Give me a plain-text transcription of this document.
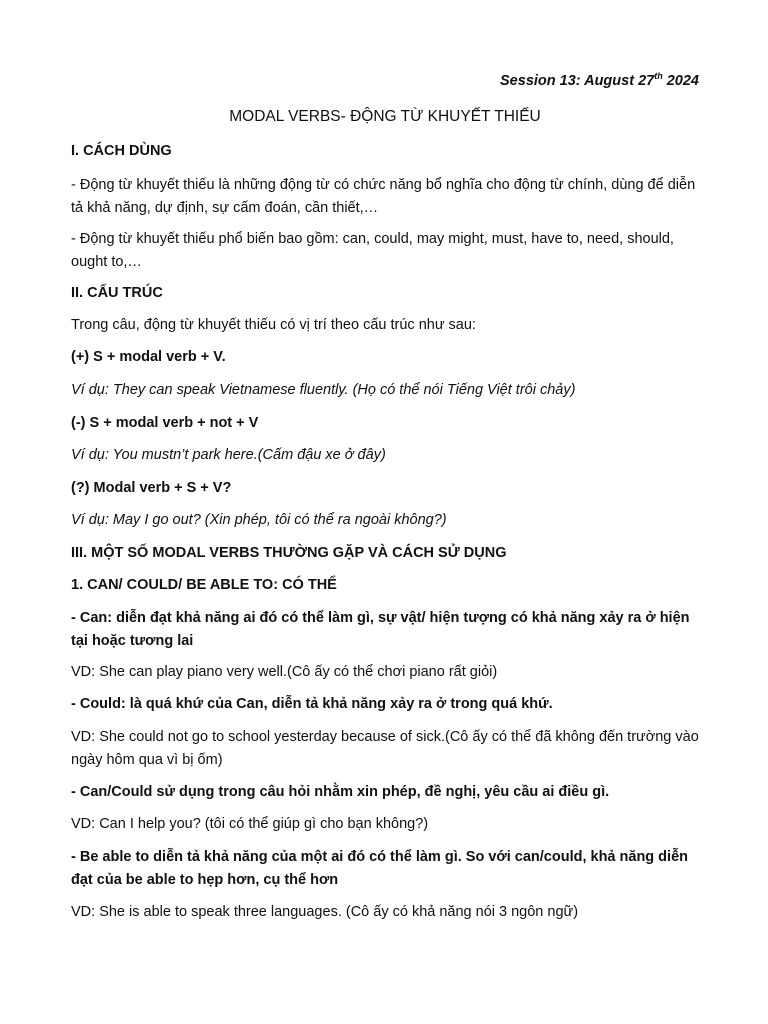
Session 13: August 27th 2024
MODAL VERBS- ĐỘNG TỪ KHUYẾT THIẾU
I. CÁCH DÙNG
- Động từ khuyết thiếu là những động từ có chức năng bổ nghĩa cho động từ chính, dùng để diễn tả khả năng, dự định, sự cấm đoán, cần thiết,…
- Động từ khuyết thiếu phổ biến bao gồm: can, could, may might, must, have to, need, should, ought to,…
II. CẤU TRÚC
Trong câu, động từ khuyết thiếu có vị trí theo cấu trúc như sau:
(+) S + modal verb + V.
Ví dụ: They can speak Vietnamese fluently. (Họ có thể nói Tiếng Việt trôi chảy)
(-) S + modal verb + not + V
Ví dụ: You mustn’t park here.(Cấm đậu xe ở đây)
(?) Modal verb + S + V?
Ví dụ: May I go out? (Xin phép, tôi có thể ra ngoài không?)
III. MỘT SỐ MODAL VERBS THƯỜNG GẶP VÀ CÁCH SỬ DỤNG
1. CAN/ COULD/ BE ABLE TO: CÓ THỂ
- Can: diễn đạt khả năng ai đó có thể làm gì, sự vật/ hiện tượng có khả năng xảy ra ở hiện tại hoặc tương lai
VD: She can play piano very well.(Cô ấy có thể chơi piano rất giỏi)
- Could: là quá khứ của Can, diễn tả khả năng xảy ra ở trong quá khứ.
VD: She could not go to school yesterday because of sick.(Cô ấy có thể đã không đến trường vào ngày hôm qua vì bị ốm)
- Can/Could sử dụng trong câu hỏi nhằm xin phép, đề nghị, yêu cầu ai điều gì.
VD: Can I help you? (tôi có thể giúp gì cho bạn không?)
- Be able to diễn tả khả năng của một ai đó có thể làm gì. So với can/could, khả năng diễn đạt của be able to hẹp hơn, cụ thể hơn
VD: She is able to speak three languages. (Cô ấy có khả năng nói 3 ngôn ngữ)
